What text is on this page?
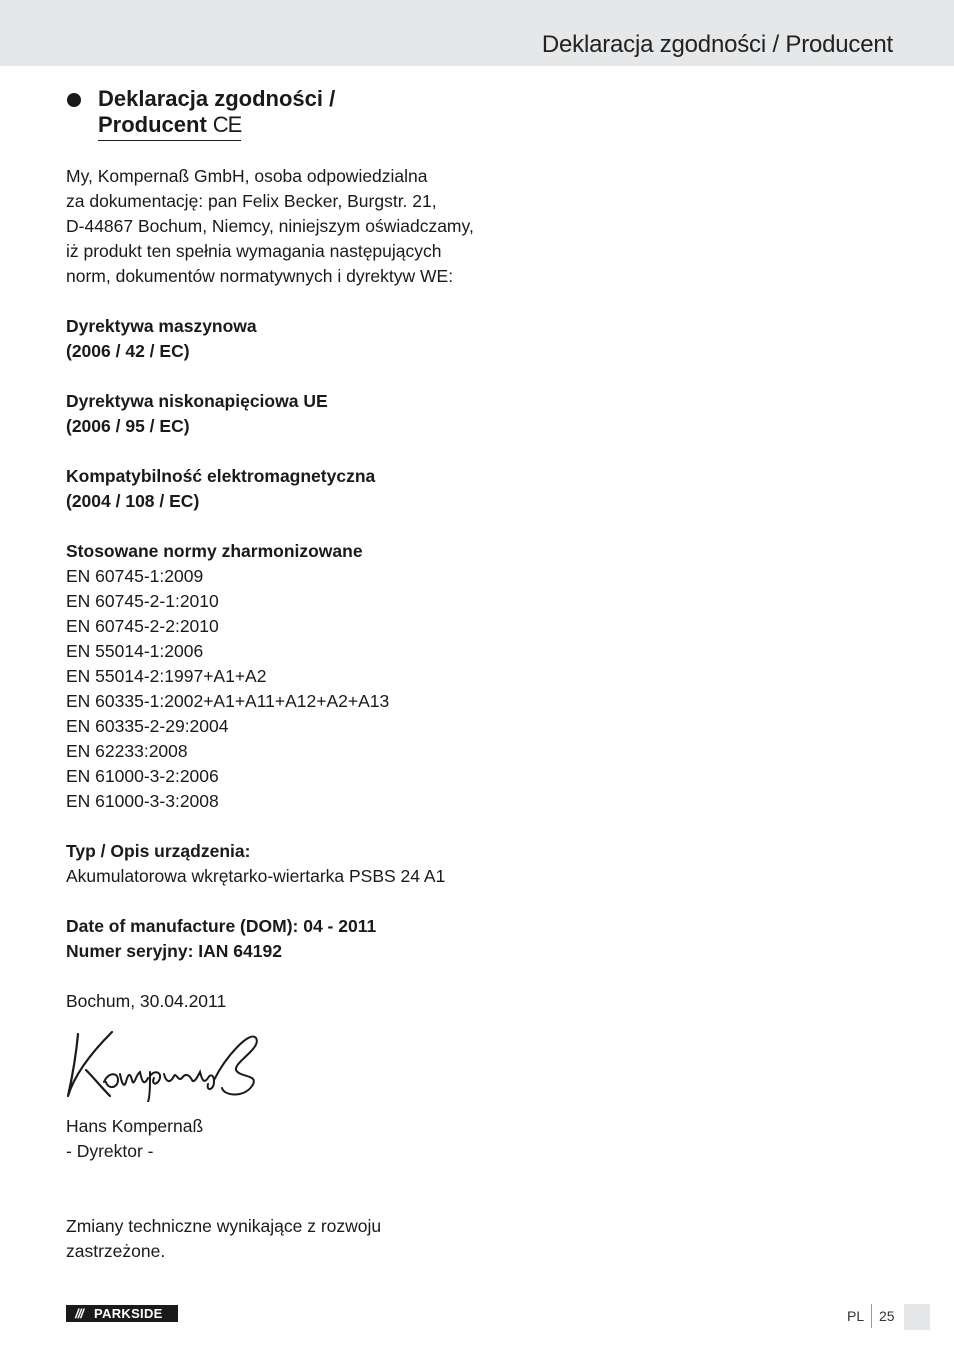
Deklaracja zgodności / Producent
Deklaracja zgodności /
Producent CE

My, Kompernaß GmbH, osoba odpowiedzialna

za dokumentację: pan Felix Becker, Burgstr. 21,

D-44867 Bochum, Niemcy, niniejszym oświadczamy,

iż produkt ten spełnia wymagania następujących

norm, dokumentów normatywnych i dyrektyw WE:

Dyrektywa maszynowa

(2006 / 42 / EC)

Dyrektywa niskonapięciowa UE

(2006 / 95 / EC)

Kompatybilność elektromagnetyczna

(2004 / 108 / EC)

Stosowane normy zharmonizowane

EN 60745-1:2009

EN 60745-2-1:2010

EN 60745-2-2:2010

EN 55014-1:2006

EN 55014-2:1997+A1+A2

EN 60335-1:2002+A1+A11+A12+A2+A13

EN 60335-2-29:2004

EN 62233:2008

EN 61000-3-2:2006

EN 61000-3-3:2008

Typ / Opis urządzenia:

Akumulatorowa wkrętarko-wiertarka PSBS 24 A1

Date of manufacture (DOM): 04 - 2011

Numer seryjny: IAN 64192

Bochum, 30.04.2011

Hans Kompernaß

- Dyrektor -

Zmiany techniczne wynikające z rozwoju

zastrzeżone.

/// PARKSIDE	PL 25
